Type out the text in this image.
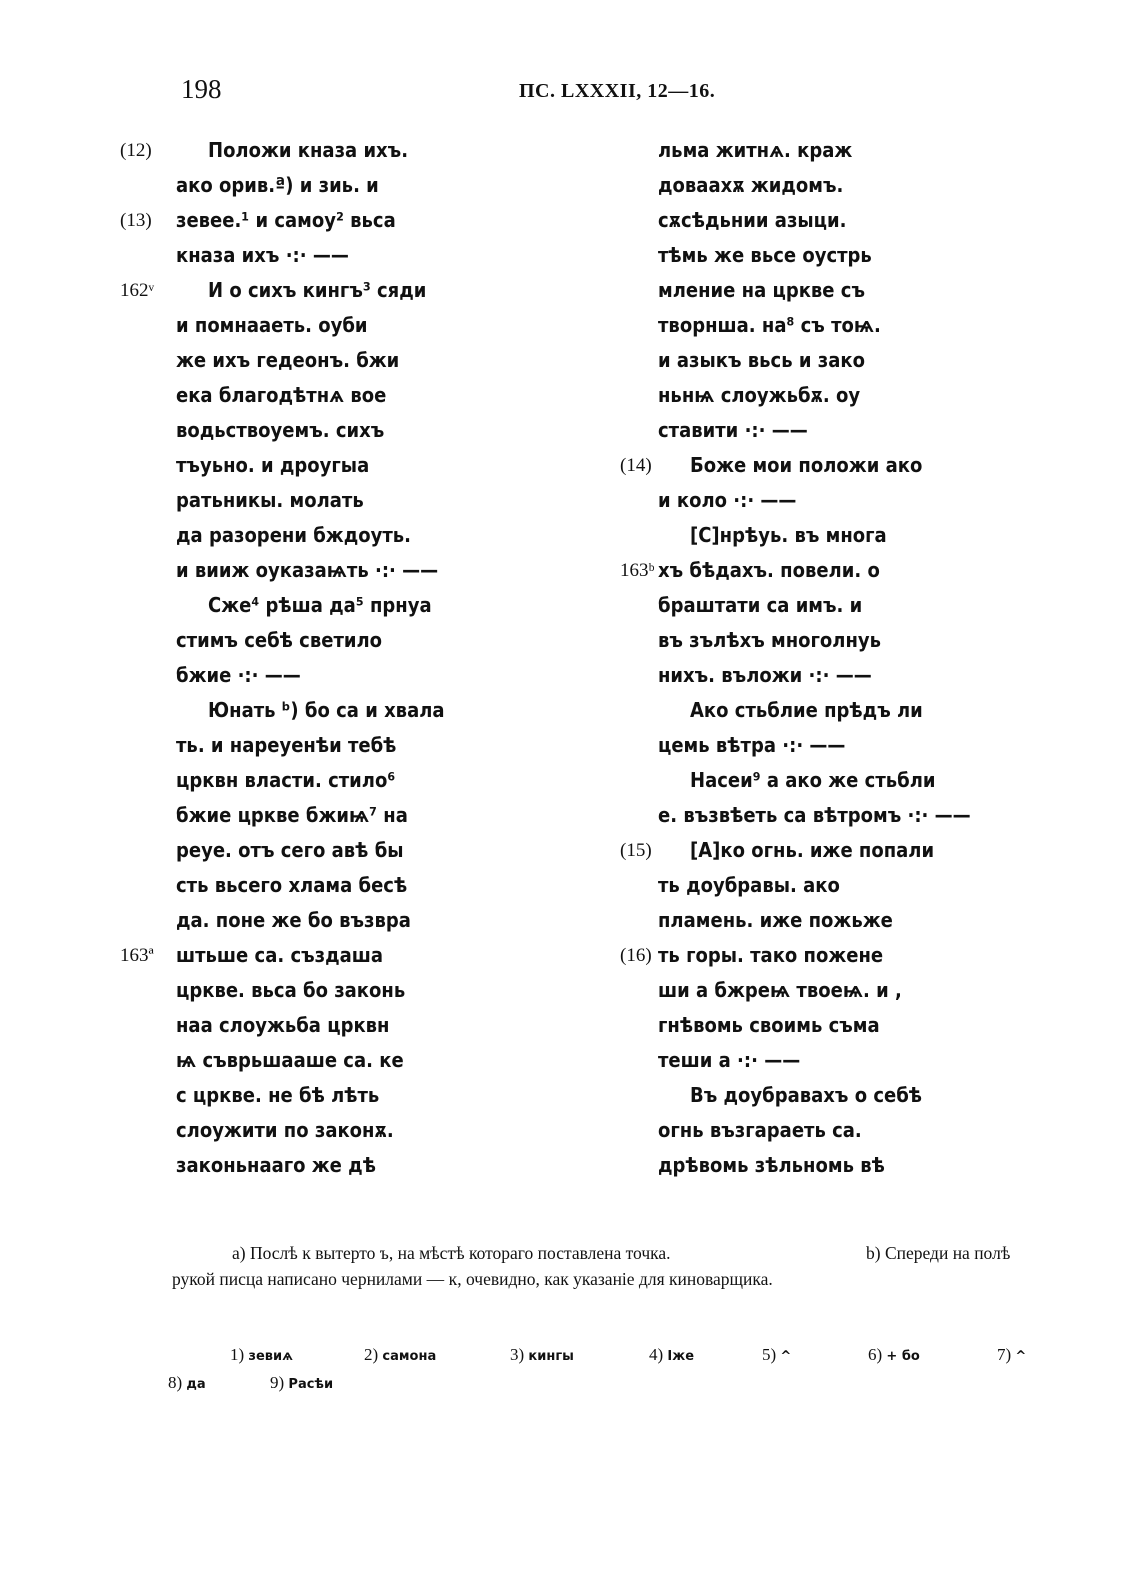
198	ПС. LXXXII, 12—16.
(12)	Положи кназа ихъ.
ако орив.ª) и зиь. и
(13) зевее.¹ и самоу² вьса
кназа ихъ ·:· ——
162ᵛ	И о сихъ кингъ³ сяди
и помнааеть. оуби
же ихъ гедеонъ. бжи
ека благодѣтнѧ вое
водьствоуемъ. сихъ
тъуьно. и дроугыа
ратьникы. молать
да разорени бждоуть.
и вииж оуказаѩть ·:· ——
Сже⁴ рѣша да⁵ прнуа
стимъ себѣ светило
бжие ·:· ——
Юнать ᵇ) бо са и хвала
ть. и нареуенѣи тебѣ
црквн власти. стило⁶
бжие цркве бжиѩ⁷ на
реуе. отъ сего авѣ бы
сть вьсего хлама бесѣ
да. поне же бо възвра
163ª штьше са. създаша
цркве. вьса бо законь
наа слоужьба црквн
ѩ съврьшааше са. ке
с цркве. не бѣ лѣть
слоужити по законѫ.
законьнааго же дѣ
льма житнѧ. краж
доваахѫ жидомъ.
сѫсѣдьнии азыци.
тѣмь же вьсе оустрь
мление на цркве съ
творнша. на⁸ съ тоѩ.
и азыкъ вьсь и зако
ньнѩ слоужьбѫ. оу
ставити ·:· ——
(14) Боже мои положи ако
и коло ·:· ——
[С]нрѣуь. въ многа
163ᵇ хъ бѣдахъ. повели. о
браштати са имъ. и
въ зълѣхъ многолнуь
нихъ. въложи ·:· ——
Ако стьблие прѣдъ ли
цемь вѣтра ·:· ——
Насеи⁹ а ако же стьбли
е. възвѣеть са вѣтромъ ·:· ——
(15) [А]ко огнь. иже попали
ть доубравы. ако
пламень. иже пожьже
(16) ть горы. тако пожене
ши а бжреѩ твоеѩ. и ,
гнѣвомь своимь съма
теши а ·:· ——
Въ доубравахъ о себѣ
огнь възгараеть са.
дрѣвомь зѣльномь вѣ

a) Послѣ ĸ вытерто ъ, на мѣстѣ котораго поставлена точка.

рукой писца написано чернилами — ĸ, очевидно, как указаніе для киноварщика.

b) Спереди на полѣ
1) зевиѧ	2) самона	3) кингы	4) Іже	5) ^	6) + бо	7) ^
8) да	9) Расѣи
